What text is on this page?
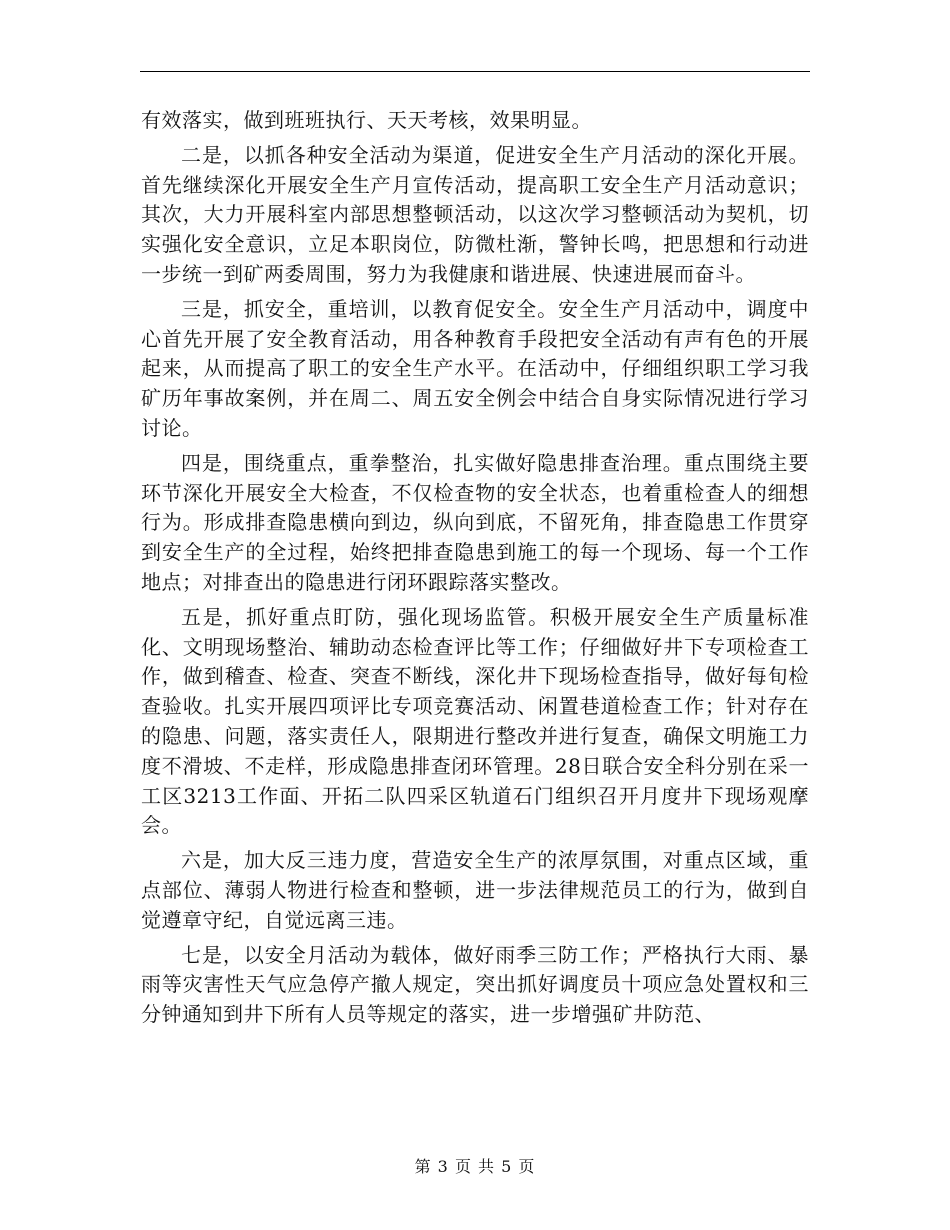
有效落实，做到班班执行、天天考核，效果明显。

二是，以抓各种安全活动为渠道，促进安全生产月活动的深化开展。首先继续深化开展安全生产月宣传活动，提高职工安全生产月活动意识；其次，大力开展科室内部思想整顿活动，以这次学习整顿活动为契机，切实强化安全意识，立足本职岗位，防微杜渐，警钟长鸣，把思想和行动进一步统一到矿两委周围，努力为我健康和谐进展、快速进展而奋斗。

三是，抓安全，重培训，以教育促安全。安全生产月活动中，调度中心首先开展了安全教育活动，用各种教育手段把安全活动有声有色的开展起来，从而提高了职工的安全生产水平。在活动中，仔细组织职工学习我矿历年事故案例，并在周二、周五安全例会中结合自身实际情况进行学习讨论。

四是，围绕重点，重拳整治，扎实做好隐患排查治理。重点围绕主要环节深化开展安全大检查，不仅检查物的安全状态，也着重检查人的细想行为。形成排查隐患横向到边，纵向到底，不留死角，排查隐患工作贯穿到安全生产的全过程，始终把排查隐患到施工的每一个现场、每一个工作地点；对排查出的隐患进行闭环跟踪落实整改。

五是，抓好重点盯防，强化现场监管。积极开展安全生产质量标准化、文明现场整治、辅助动态检查评比等工作；仔细做好井下专项检查工作，做到稽查、检查、突查不断线，深化井下现场检查指导，做好每旬检查验收。扎实开展四项评比专项竞赛活动、闲置巷道检查工作；针对存在的隐患、问题，落实责任人，限期进行整改并进行复查，确保文明施工力度不滑坡、不走样，形成隐患排查闭环管理。28日联合安全科分别在采一工区3213工作面、开拓二队四采区轨道石门组织召开月度井下现场观摩会。

六是，加大反三违力度，营造安全生产的浓厚氛围，对重点区域，重点部位、薄弱人物进行检查和整顿，进一步法律规范员工的行为，做到自觉遵章守纪，自觉远离三违。

七是，以安全月活动为载体，做好雨季三防工作；严格执行大雨、暴雨等灾害性天气应急停产撤人规定，突出抓好调度员十项应急处置权和三分钟通知到井下所有人员等规定的落实，进一步增强矿井防范、

第 3 页 共 5 页
